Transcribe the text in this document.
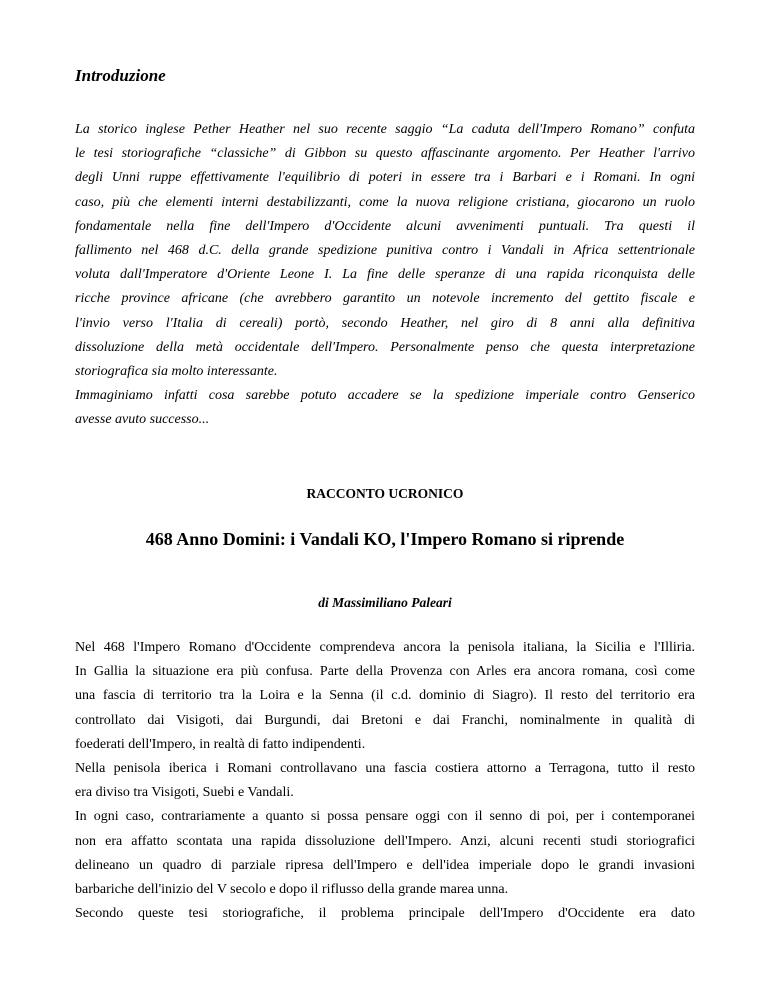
Introduzione

La storico inglese Pether Heather nel suo recente saggio “La caduta dell'Impero Romano” confuta
le tesi storiografiche “classiche” di Gibbon su questo affascinante argomento. Per Heather l'arrivo
degli Unni ruppe effettivamente l'equilibrio di poteri in essere tra i Barbari e i Romani. In ogni
caso, più che elementi interni destabilizzanti, come la nuova religione cristiana, giocarono un ruolo
fondamentale nella fine dell'Impero d'Occidente alcuni avvenimenti puntuali. Tra questi il
fallimento nel 468 d.C. della grande spedizione punitiva contro i Vandali in Africa settentrionale
voluta dall'Imperatore d'Oriente Leone I. La fine delle speranze di una rapida riconquista delle
ricche province africane (che avrebbero garantito un notevole incremento del gettito fiscale e
l'invio verso l'Italia di cereali) portò, secondo Heather, nel giro di 8 anni alla definitiva
dissoluzione della metà occidentale dell'Impero. Personalmente penso che questa interpretazione
storiografica sia molto interessante.

Immaginiamo infatti cosa sarebbe potuto accadere se la spedizione imperiale contro Genserico
avesse avuto successo...

RACCONTO UCRONICO

468 Anno Domini: i Vandali KO, l'Impero Romano si riprende

di Massimiliano Paleari

Nel 468 l'Impero Romano d'Occidente comprendeva ancora la penisola italiana, la Sicilia e l'Illiria.
In Gallia la situazione era più confusa. Parte della Provenza con Arles era ancora romana, così come
una fascia di territorio tra la Loira e la Senna (il c.d. dominio di Siagro). Il resto del territorio era
controllato dai Visigoti, dai Burgundi, dai Bretoni e dai Franchi, nominalmente in qualità di
foederati dell'Impero, in realtà di fatto indipendenti.

Nella penisola iberica i Romani controllavano una fascia costiera attorno a Terragona, tutto il resto
era diviso tra Visigoti, Suebi e Vandali.

In ogni caso, contrariamente a quanto si possa pensare oggi con il senno di poi, per i contemporanei
non era affatto scontata una rapida dissoluzione dell'Impero. Anzi, alcuni recenti studi storiografici
delineano un quadro di parziale ripresa dell'Impero e dell'idea imperiale dopo le grandi invasioni
barbariche dell'inizio del V secolo e dopo il riflusso della grande marea unna.

Secondo queste tesi storiografiche, il problema principale dell'Impero d'Occidente era dato
